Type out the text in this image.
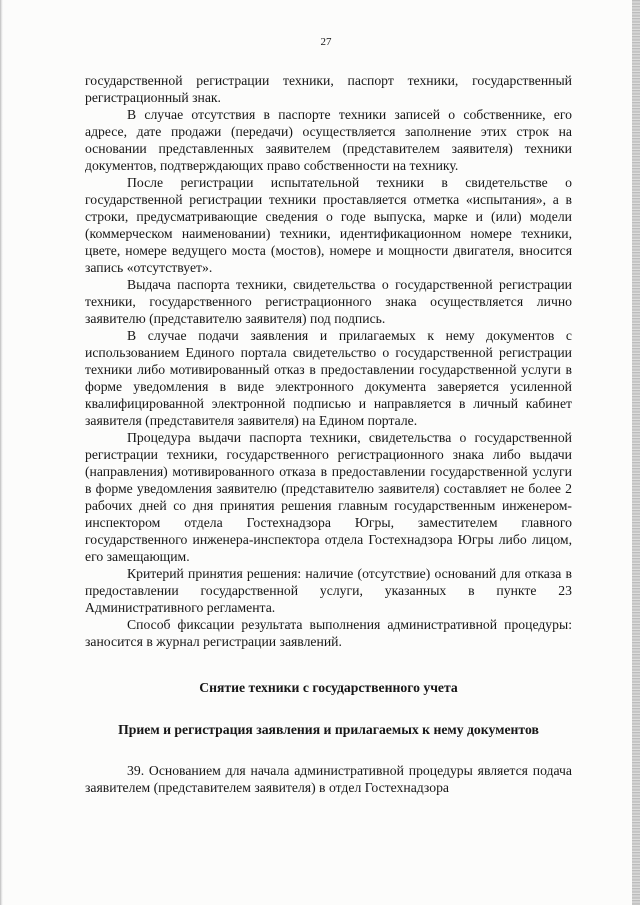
27

государственной регистрации техники, паспорт техники, государственный регистрационный знак.

В случае отсутствия в паспорте техники записей о собственнике, его адресе, дате продажи (передачи) осуществляется заполнение этих строк на основании представленных заявителем (представителем заявителя) техники документов, подтверждающих право собственности на технику.

После регистрации испытательной техники в свидетельстве о государственной регистрации техники проставляется отметка «испытания», а в строки, предусматривающие сведения о годе выпуска, марке и (или) модели (коммерческом наименовании) техники, идентификационном номере техники, цвете, номере ведущего моста (мостов), номере и мощности двигателя, вносится запись «отсутствует».

Выдача паспорта техники, свидетельства о государственной регистрации техники, государственного регистрационного знака осуществляется лично заявителю (представителю заявителя) под подпись.

В случае подачи заявления и прилагаемых к нему документов с использованием Единого портала свидетельство о государственной регистрации техники либо мотивированный отказ в предоставлении государственной услуги в форме уведомления в виде электронного документа заверяется усиленной квалифицированной электронной подписью и направляется в личный кабинет заявителя (представителя заявителя) на Едином портале.

Процедура выдачи паспорта техники, свидетельства о государственной регистрации техники, государственного регистрационного знака либо выдачи (направления) мотивированного отказа в предоставлении государственной услуги в форме уведомления заявителю (представителю заявителя) составляет не более 2 рабочих дней со дня принятия решения главным государственным инженером-инспектором отдела Гостехнадзора Югры, заместителем главного государственного инженера-инспектора отдела Гостехнадзора Югры либо лицом, его замещающим.

Критерий принятия решения: наличие (отсутствие) оснований для отказа в предоставлении государственной услуги, указанных в пункте 23 Административного регламента.

Способ фиксации результата выполнения административной процедуры: заносится в журнал регистрации заявлений.

Снятие техники с государственного учета

Прием и регистрация заявления и прилагаемых к нему документов

39. Основанием для начала административной процедуры является подача заявителем (представителем заявителя) в отдел Гостехнадзора
